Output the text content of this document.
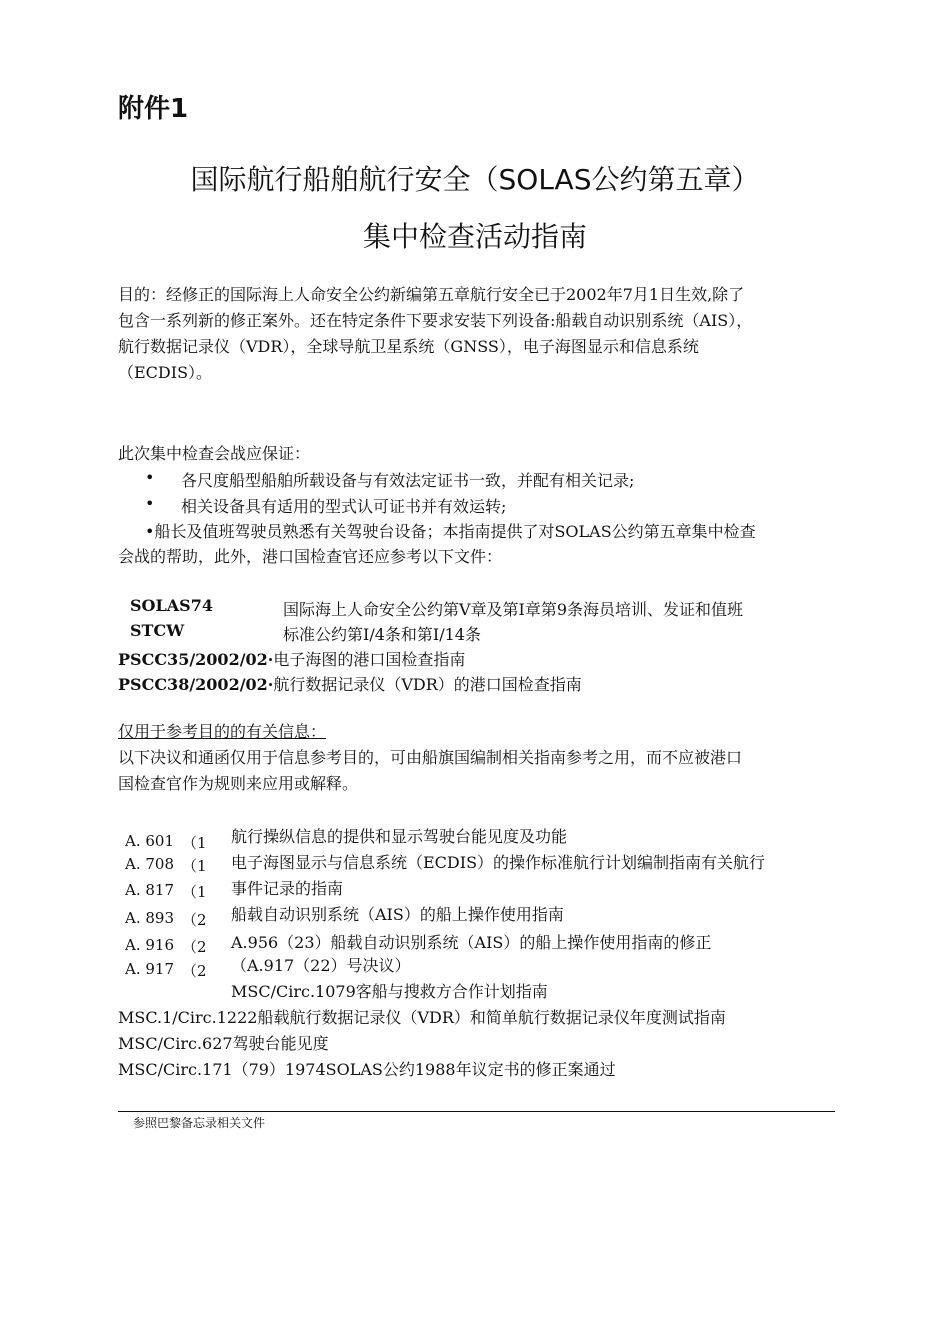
附件1
国际航行船舶航行安全（SOLAS公约第五章）
集中检查活动指南
目的：经修正的国际海上人命安全公约新编第五章航行安全已于2002年7月1日生效,除了
包含一系列新的修正案外。还在特定条件下要求安装下列设备:船载自动识别系统（AIS），
航行数据记录仪（VDR），全球导航卫星系统（GNSS），电子海图显示和信息系统
（ECDIS）。
此次集中检查会战应保证：
• 各尺度船型船舶所载设备与有效法定证书一致，并配有相关记录;
• 相关设备具有适用的型式认可证书并有效运转;
•船长及值班驾驶员熟悉有关驾驶台设备；本指南提供了对SOLAS公约第五章集中检查
会战的帮助，此外，港口国检查官还应参考以下文件：
SOLAS74
STCW
国际海上人命安全公约第V章及第I章第9条海员培训、发证和值班
标准公约第I/4条和第I/14条
PSCC35/2002/02·电子海图的港口国检查指南
PSCC38/2002/02·航行数据记录仪（VDR）的港口国检查指南
仅用于参考目的的有关信息：
以下决议和通函仅用于信息参考目的，可由船旗国编制相关指南参考之用，而不应被港口
国检查官作为规则来应用或解释。
A. 601 （1
A. 708 （1
A. 817 （1
A. 893 （2
A. 916 （2
A. 917 （2
航行操纵信息的提供和显示驾驶台能见度及功能
电子海图显示与信息系统（ECDIS）的操作标准航行计划编制指南有关航行
事件记录的指南
船载自动识别系统（AIS）的船上操作使用指南
A.956（23）船载自动识别系统（AIS）的船上操作使用指南的修正
（A.917（22）号决议）
MSC/Circ.1079客船与搜救方合作计划指南
MSC.1/Circ.1222船载航行数据记录仪（VDR）和简单航行数据记录仪年度测试指南
MSC/Circ.627驾驶台能见度
MSC/Circ.171（79）1974SOLAS公约1988年议定书的修正案通过
参照巴黎备忘录相关文件
